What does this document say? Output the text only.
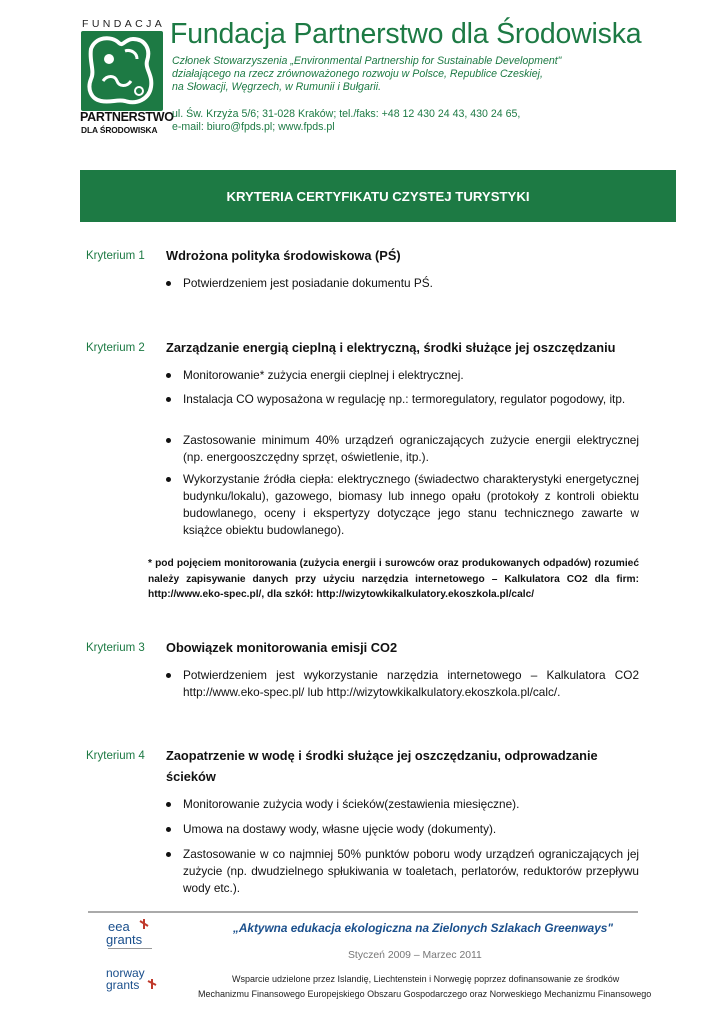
FUNDACJA
PARTNERSTWO
DLA ŚRODOWISKA
Fundacja Partnerstwo dla Środowiska
Członek Stowarzyszenia „Environmental Partnership for Sustainable Development"
działającego na rzecz zrównoważonego rozwoju w Polsce, Republice Czeskiej,
na Słowacji, Węgrzech, w Rumunii i Bułgarii.
ul. Św. Krzyża 5/6; 31-028 Kraków; tel./faks: +48 12 430 24 43, 430 24 65,
e-mail: biuro@fpds.pl; www.fpds.pl
KRYTERIA CERTYFIKATU CZYSTEJ TURYSTYKI
Kryterium 1 Wdrożona polityka środowiskowa (PŚ)
Potwierdzeniem jest posiadanie dokumentu PŚ.
Kryterium 2 Zarządzanie energią cieplną i elektryczną, środki służące jej oszczędzaniu
Monitorowanie* zużycia energii cieplnej i elektrycznej.
Instalacja CO wyposażona w regulację np.: termoregulatory, regulator pogodowy, itp.
Zastosowanie minimum 40% urządzeń ograniczających zużycie energii elektrycznej (np. energooszczędny sprzęt, oświetlenie, itp.).
Wykorzystanie źródła ciepła: elektrycznego (świadectwo charakterystyki energetycznej budynku/lokalu), gazowego, biomasy lub innego opału (protokoły z kontroli obiektu budowlanego, oceny i ekspertyzy dotyczące jego stanu technicznego zawarte w książce obiektu budowlanego).
* pod pojęciem monitorowania (zużycia energii i surowców oraz produkowanych odpadów) rozumieć należy zapisywanie danych przy użyciu narzędzia internetowego – Kalkulatora CO2 dla firm: http://www.eko-spec.pl/, dla szkół: http://wizytowkikalkulatory.ekoszkola.pl/calc/
Kryterium 3 Obowiązek monitorowania emisji CO2
Potwierdzeniem jest wykorzystanie narzędzia internetowego – Kalkulatora CO2 http://www.eko-spec.pl/ lub http://wizytowkikalkulatory.ekoszkola.pl/calc/.
Kryterium 4 Zaopatrzenie w wodę i środki służące jej oszczędzaniu, odprowadzanie
ścieków
Monitorowanie zużycia wody i ścieków(zestawienia miesięczne).
Umowa na dostawy wody, własne ujęcie wody (dokumenty).
Zastosowanie w co najmniej 50% punktów poboru wody urządzeń ograniczających jej zużycie (np. dwudzielnego spłukiwania w toaletach, perlatorów, reduktorów przepływu wody etc.).
eea
grants
norway
grants
„Aktywna edukacja ekologiczna na Zielonych Szlakach Greenways"
Styczeń 2009 – Marzec 2011
Wsparcie udzielone przez Islandię, Liechtenstein i Norwegię poprzez dofinansowanie ze środków
Mechanizmu Finansowego Europejskiego Obszaru Gospodarczego oraz Norweskiego Mechanizmu Finansowego
